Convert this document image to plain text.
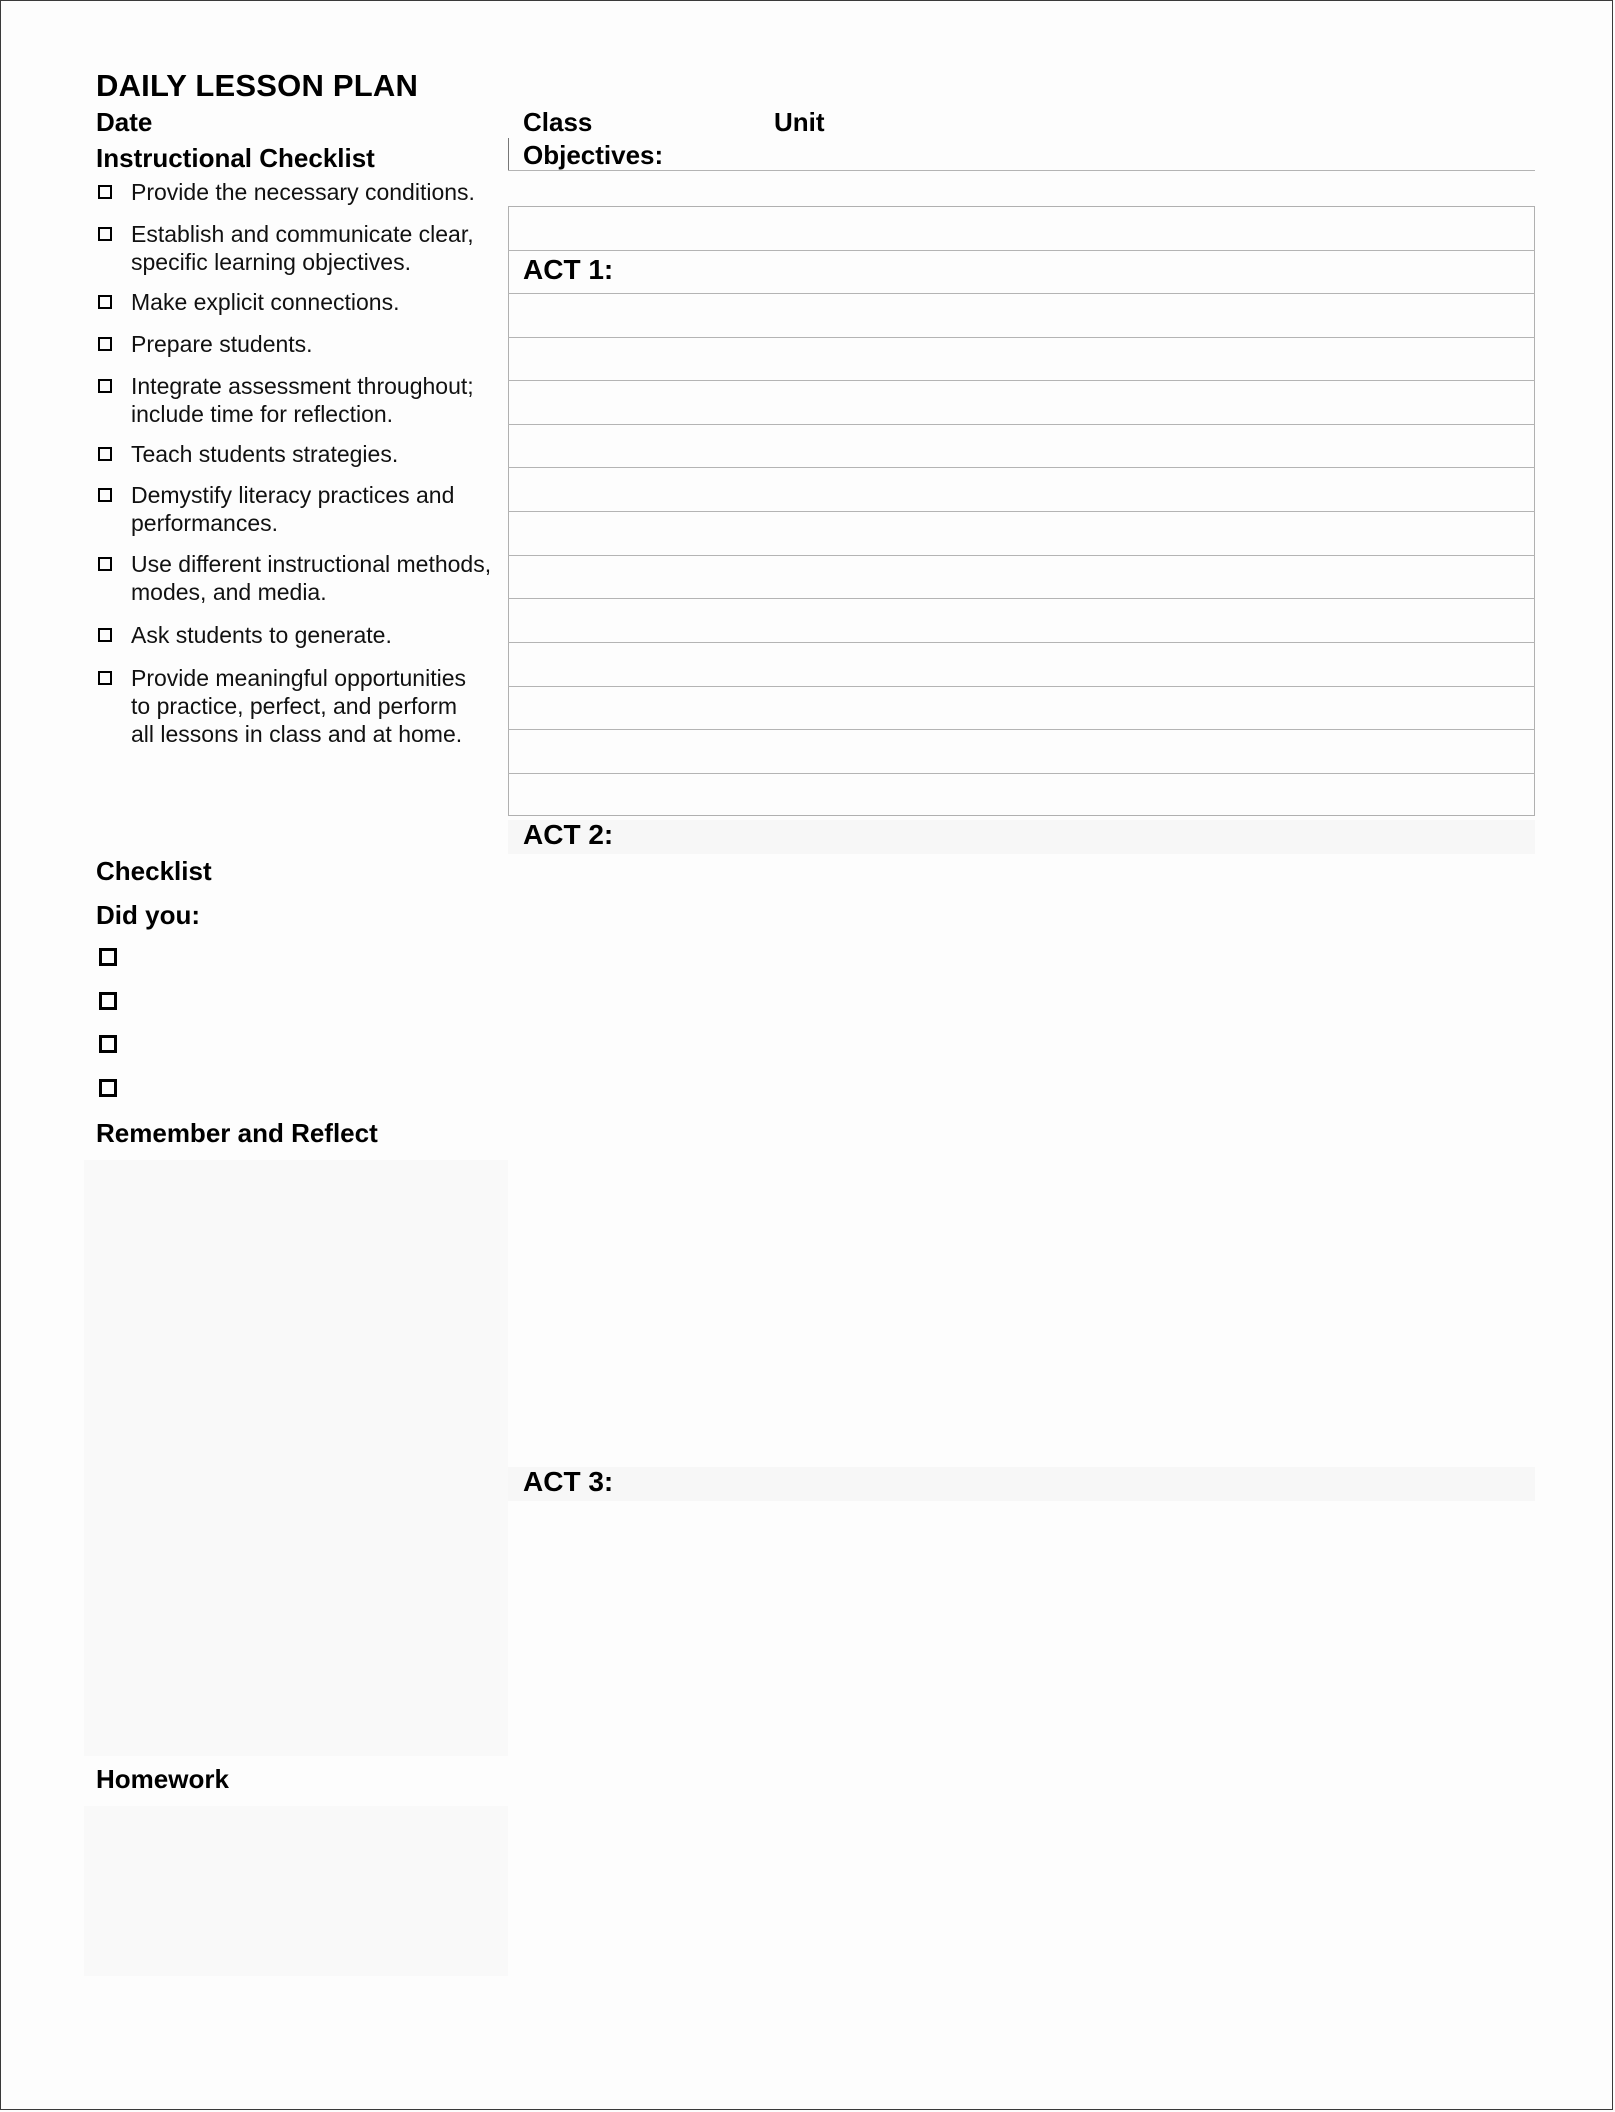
DAILY LESSON PLAN
Date	Class	Unit
Instructional Checklist
Provide the necessary conditions.
Establish and communicate clear, specific learning objectives.
Make explicit connections.
Prepare students.
Integrate assessment throughout; include time for reflection.
Teach students strategies.
Demystify literacy practices and performances.
Use different instructional methods, modes, and media.
Ask students to generate.
Provide meaningful opportunities to practice, perfect, and perform all lessons in class and at home.
Objectives:
ACT 1:
ACT 2:
ACT 3:
Checklist
Did you:
Remember and Reflect
Homework
